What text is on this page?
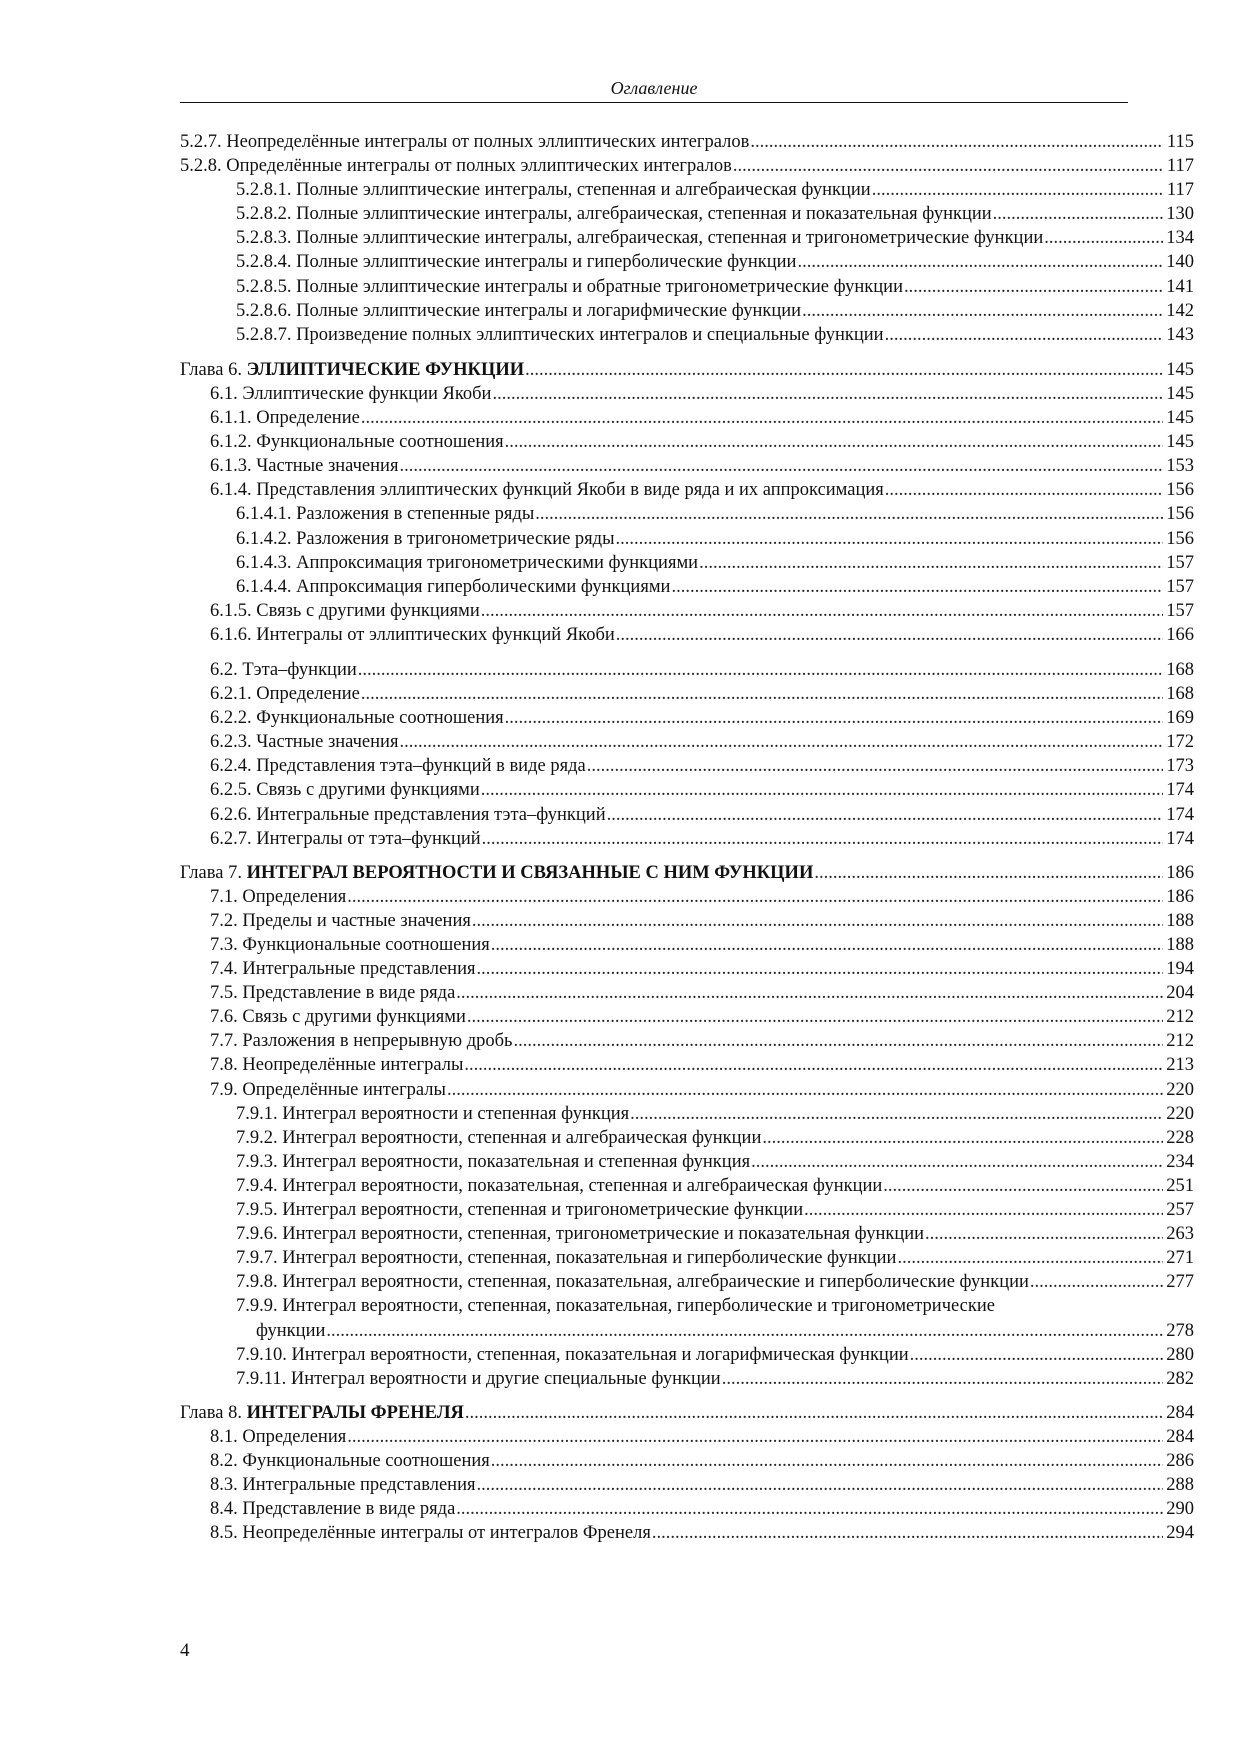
Оглавление
5.2.7. Неопределённые интегралы от полных эллиптических интегралов .....	115
5.2.8. Определённые интегралы от полных эллиптических интегралов .....	117
5.2.8.1. Полные эллиптические интегралы, степенная и алгебраическая функции .....	117
5.2.8.2. Полные эллиптические интегралы, алгебраическая, степенная и показательная функции .....	130
5.2.8.3. Полные эллиптические интегралы, алгебраическая, степенная и тригонометрические функции .....	134
5.2.8.4. Полные эллиптические интегралы и гиперболические функции .....	140
5.2.8.5. Полные эллиптические интегралы и обратные тригонометрические функции .....	141
5.2.8.6. Полные эллиптические интегралы и логарифмические функции .....	142
5.2.8.7. Произведение полных эллиптических интегралов и специальные функции .....	143
Глава 6. ЭЛЛИПТИЧЕСКИЕ ФУНКЦИИ .....	145
6.1. Эллиптические функции Якоби .....	145
6.1.1. Определение .....	145
6.1.2. Функциональные соотношения .....	145
6.1.3. Частные значения .....	153
6.1.4. Представления эллиптических функций Якоби в виде ряда и их аппроксимация .....	156
6.1.4.1. Разложения в степенные ряды .....	156
6.1.4.2. Разложения в тригонометрические ряды .....	156
6.1.4.3. Аппроксимация тригонометрическими функциями .....	157
6.1.4.4. Аппроксимация гиперболическими функциями .....	157
6.1.5. Связь с другими функциями .....	157
6.1.6. Интегралы от эллиптических функций Якоби .....	166
6.2. Тэта–функции .....	168
6.2.1. Определение .....	168
6.2.2. Функциональные соотношения .....	169
6.2.3. Частные значения .....	172
6.2.4. Представления тэта–функций в виде ряда .....	173
6.2.5. Связь с другими функциями .....	174
6.2.6. Интегральные представления тэта–функций .....	174
6.2.7. Интегралы от тэта–функций .....	174
Глава 7. ИНТЕГРАЛ ВЕРОЯТНОСТИ И СВЯЗАННЫЕ С НИМ ФУНКЦИИ .....	186
7.1. Определения .....	186
7.2. Пределы и частные значения .....	188
7.3. Функциональные соотношения .....	188
7.4. Интегральные представления .....	194
7.5. Представление в виде ряда .....	204
7.6. Связь с другими функциями .....	212
7.7. Разложения в непрерывную дробь .....	212
7.8. Неопределённые интегралы .....	213
7.9. Определённые интегралы .....	220
7.9.1. Интеграл вероятности и степенная функция .....	220
7.9.2. Интеграл вероятности, степенная и алгебраическая функции .....	228
7.9.3. Интеграл вероятности, показательная и степенная функция .....	234
7.9.4. Интеграл вероятности, показательная, степенная и алгебраическая функции .....	251
7.9.5. Интеграл вероятности, степенная и тригонометрические функции .....	257
7.9.6. Интеграл вероятности, степенная, тригонометрические и показательная функции .....	263
7.9.7. Интеграл вероятности, степенная, показательная и гиперболические функции .....	271
7.9.8. Интеграл вероятности, степенная, показательная, алгебраические и гиперболические функции .....	277
7.9.9. Интеграл вероятности, степенная, показательная, гиперболические и тригонометрические
функции .....	278
7.9.10. Интеграл вероятности, степенная, показательная и логарифмическая функции .....	280
7.9.11. Интеграл вероятности и другие специальные функции .....	282
Глава 8. ИНТЕГРАЛЫ ФРЕНЕЛЯ .....	284
8.1. Определения .....	284
8.2. Функциональные соотношения .....	286
8.3. Интегральные представления .....	288
8.4. Представление в виде ряда .....	290
8.5. Неопределённые интегралы от интегралов Френеля .....	294
4
